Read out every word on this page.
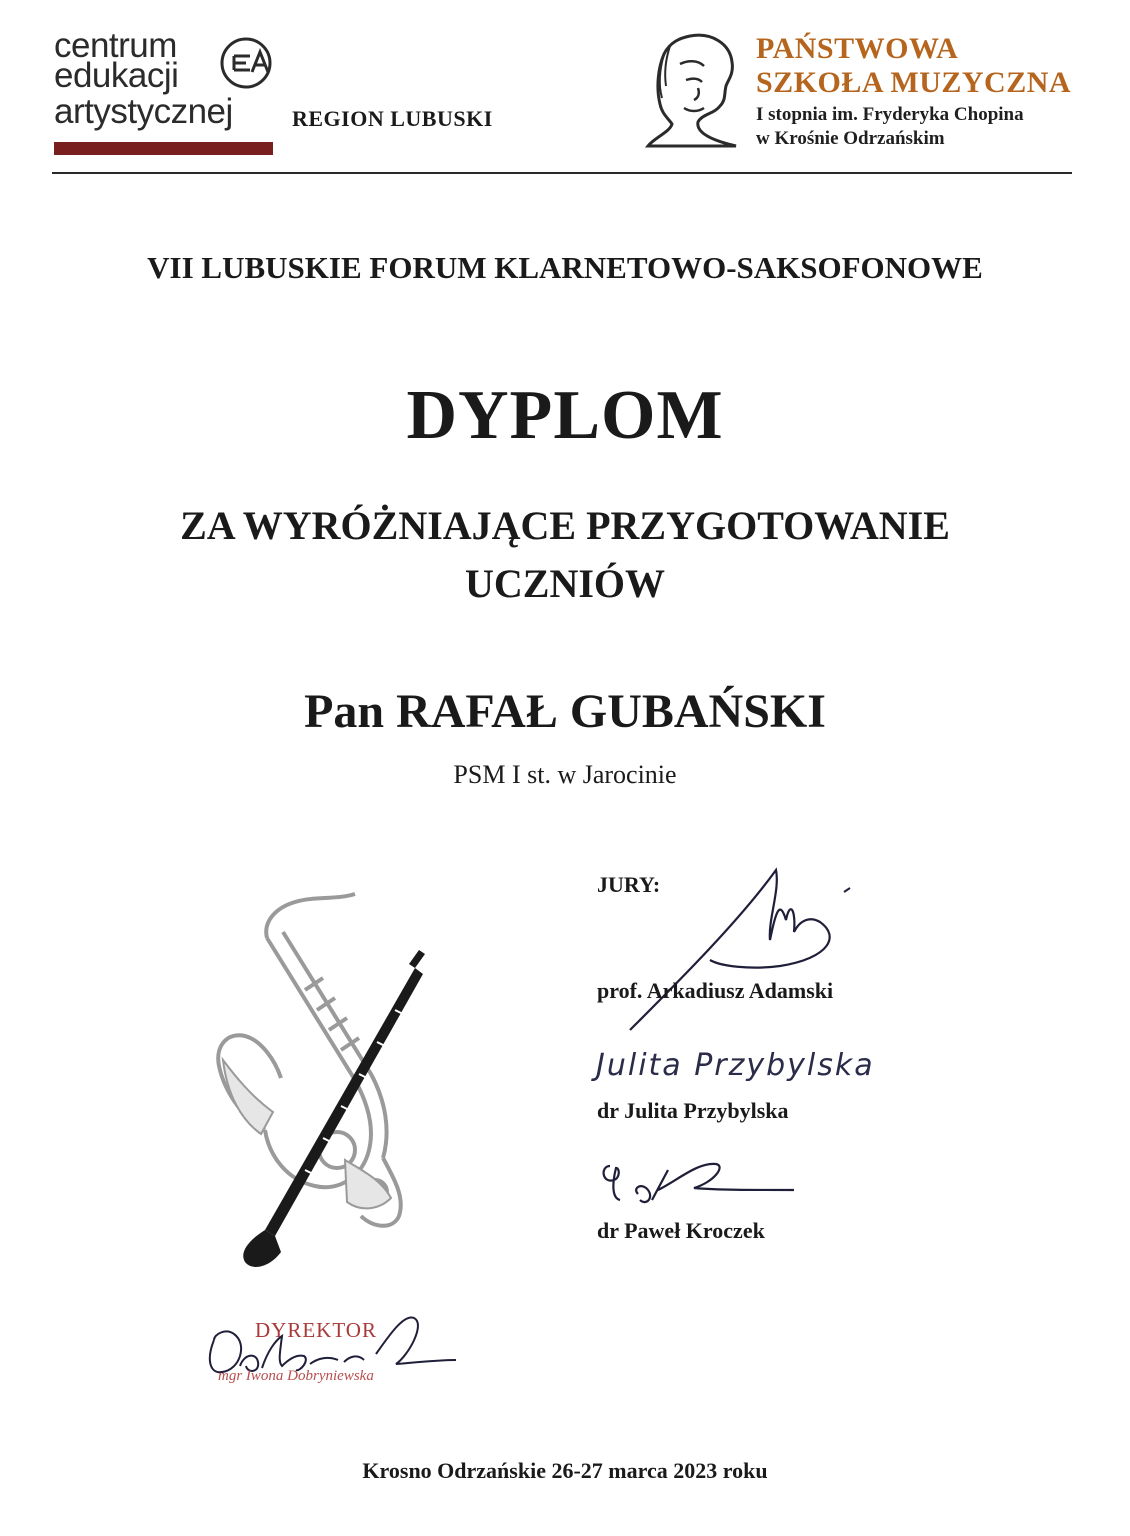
centrum
edukacji
artystycznej	REGION LUBUSKI
PAŃSTWOWA
SZKOŁA MUZYCZNA
I stopnia im. Fryderyka Chopina
w Krośnie Odrzańskim
VII LUBUSKIE FORUM KLARNETOWO-SAKSOFONOWE
DYPLOM
ZA WYRÓŻNIAJĄCE PRZYGOTOWANIE
UCZNIÓW
Pan RAFAŁ GUBAŃSKI
PSM I st. w Jarocinie
JURY:
prof. Arkadiusz Adamski
Julita Przybylska
dr Julita Przybylska
dr Paweł Kroczek
DYREKTOR
mgr Iwona Dobryniewska
Krosno Odrzańskie 26-27 marca 2023 roku
